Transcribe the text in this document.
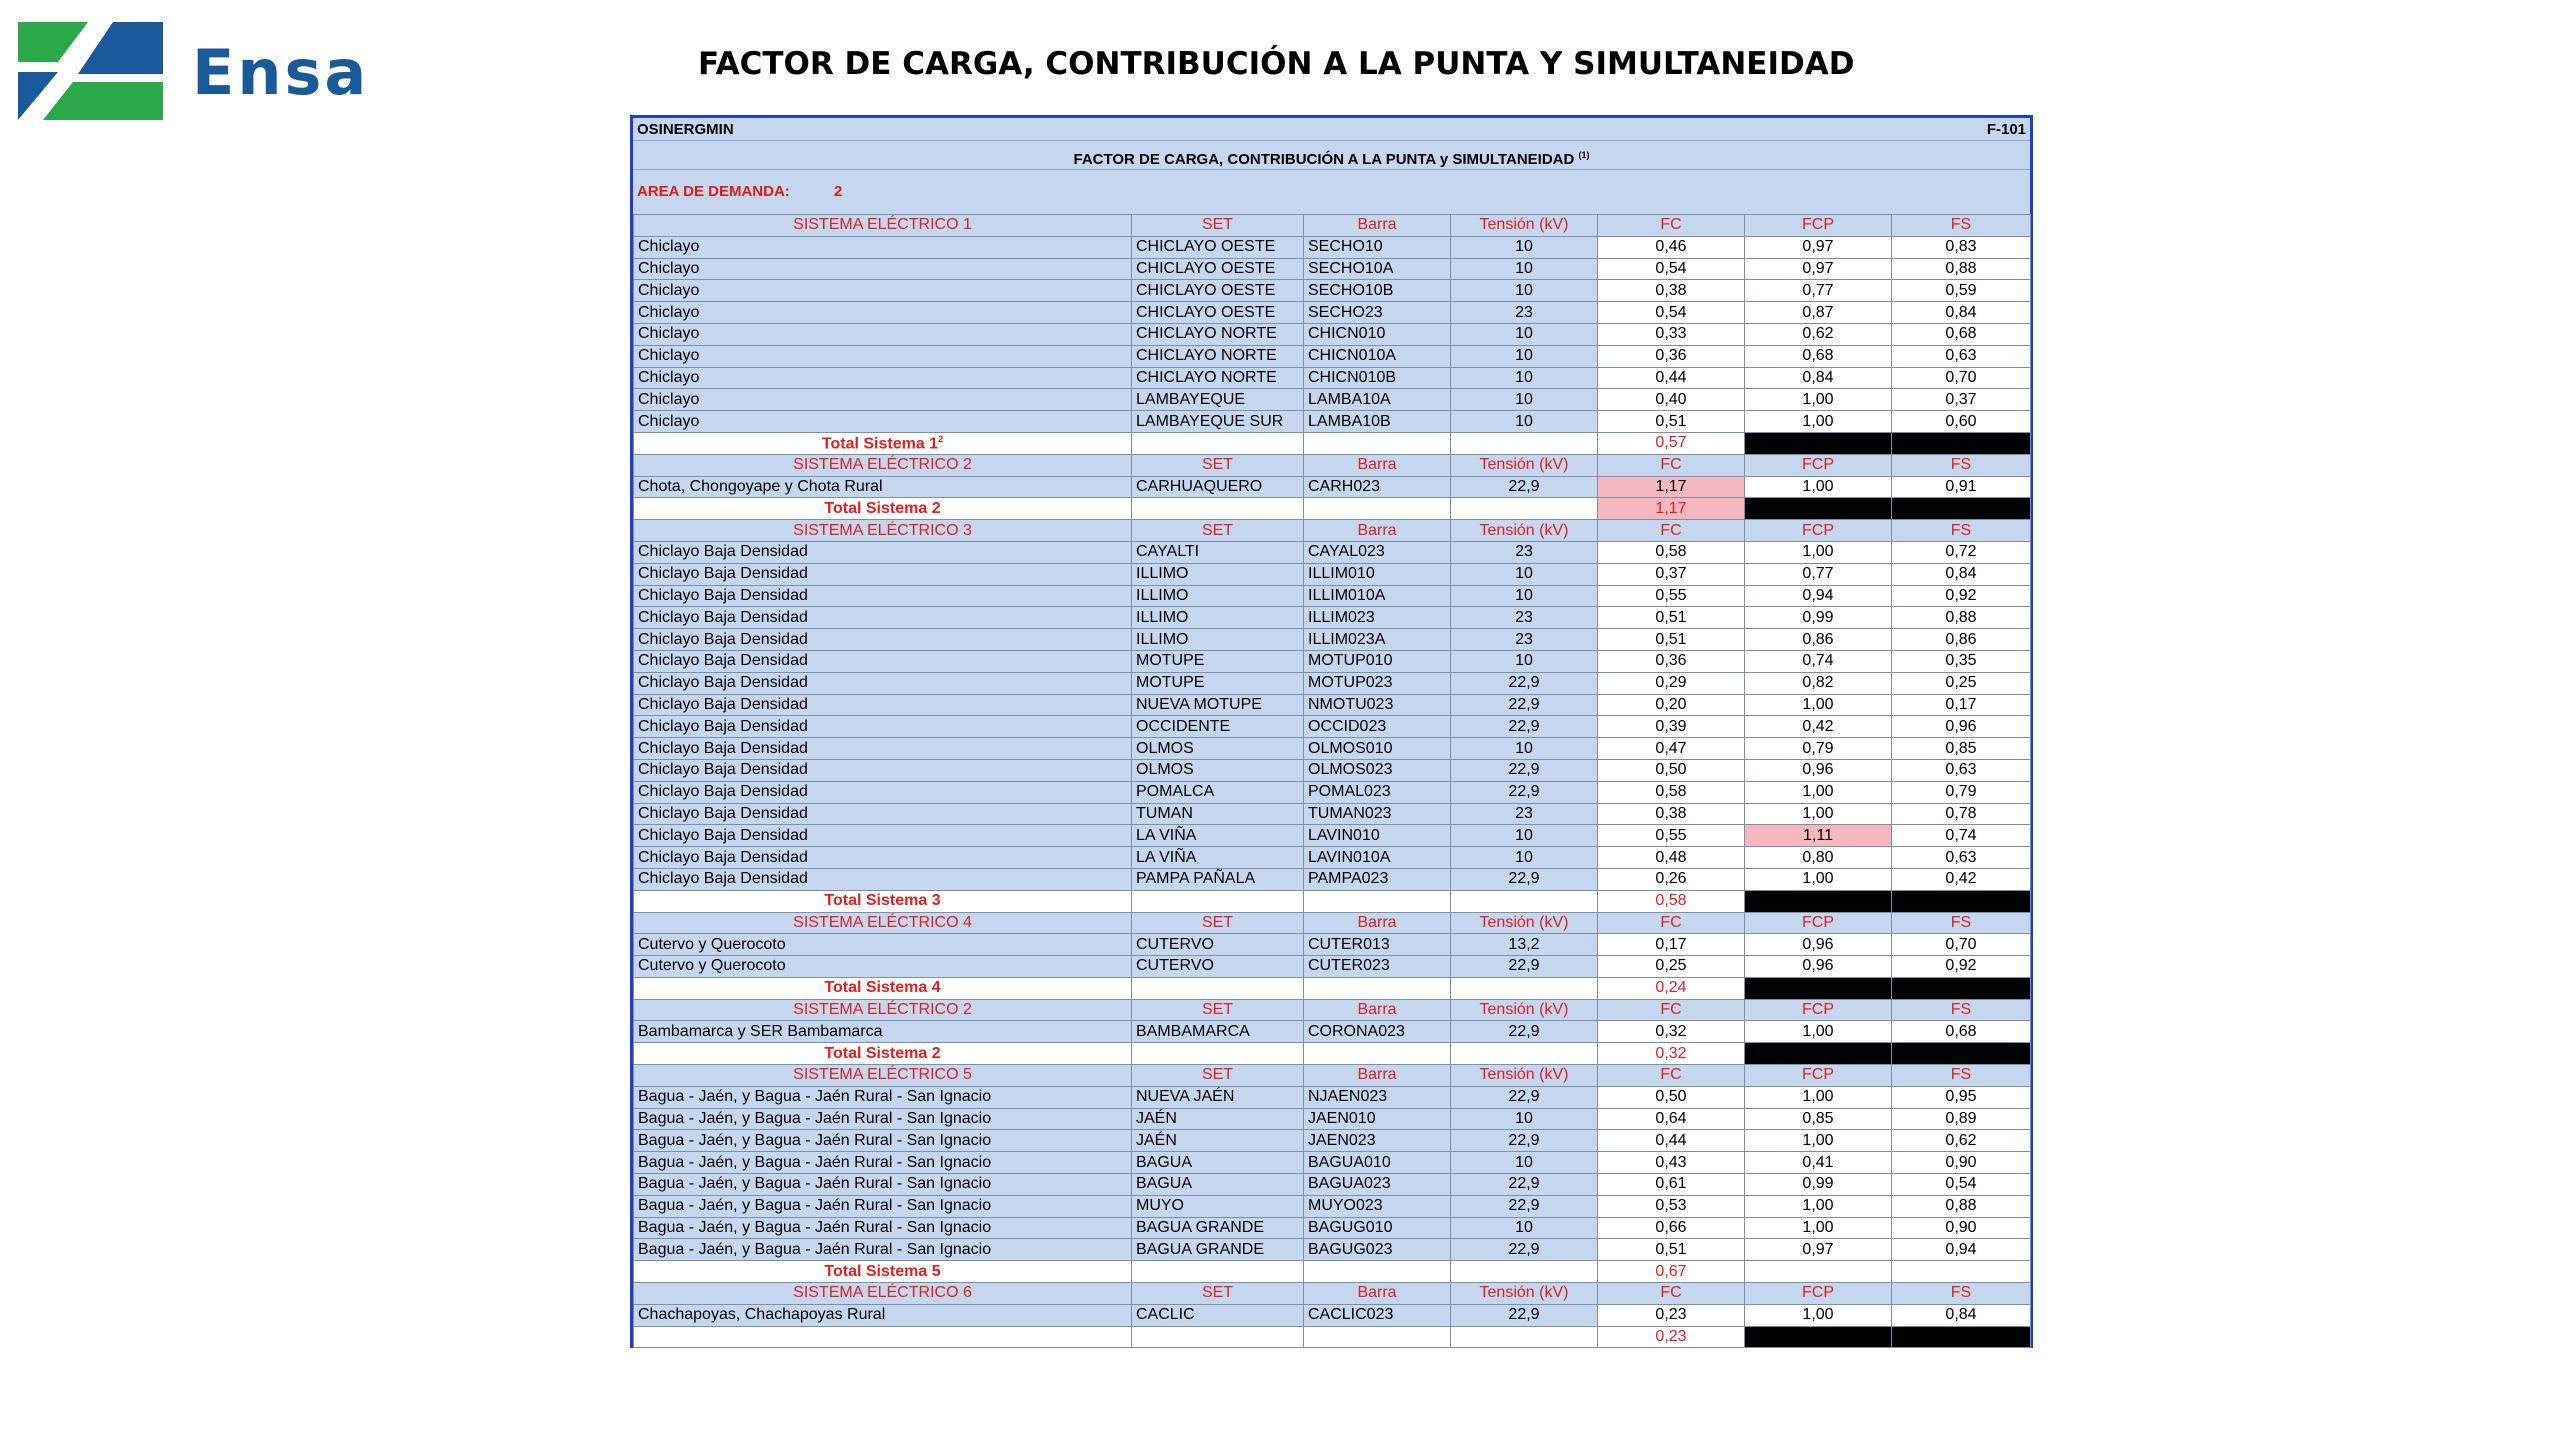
Ensa	FACTOR DE CARGA, CONTRIBUCIÓN A LA PUNTA Y SIMULTANEIDAD
OSINERGMIN	F-101
FACTOR DE CARGA, CONTRIBUCIÓN A LA PUNTA y SIMULTANEIDAD $^{(1)}$
AREA DE DEMANDA:	2
SISTEMA ELÉCTRICO 1	SET	Barra	Tensión (kV)	FC	FCP	FS
Chiclayo	CHICLAYO OESTE	SECHO10	10	0,46	0,97	0,83
Chiclayo	CHICLAYO OESTE	SECHO10A	10	0,54	0,97	0,88
Chiclayo	CHICLAYO OESTE	SECHO10B	10	0,38	0,77	0,59
Chiclayo	CHICLAYO OESTE	SECHO23	23	0,54	0,87	0,84
Chiclayo	CHICLAYO NORTE	CHICN010	10	0,33	0,62	0,68
Chiclayo	CHICLAYO NORTE	CHICN010A	10	0,36	0,68	0,63
Chiclayo	CHICLAYO NORTE	CHICN010B	10	0,44	0,84	0,70
Chiclayo	LAMBAYEQUE	LAMBA10A	10	0,40	1,00	0,37
Chiclayo	LAMBAYEQUE SUR	LAMBA10B	10	0,51	1,00	0,60
Total Sistema $1^2$				0,57		
SISTEMA ELÉCTRICO 2	SET	Barra	Tensión (kV)	FC	FCP	FS
Chota, Chongoyape y Chota Rural	CARHUAQUERO	CARH023	22,9	1,17	1,00	0,91
Total Sistema 2				1,17		
SISTEMA ELÉCTRICO 3	SET	Barra	Tensión (kV)	FC	FCP	FS
Chiclayo Baja Densidad	CAYALTI	CAYAL023	23	0,58	1,00	0,72
Chiclayo Baja Densidad	ILLIMO	ILLIM010	10	0,37	0,77	0,84
Chiclayo Baja Densidad	ILLIMO	ILLIM010A	10	0,55	0,94	0,92
Chiclayo Baja Densidad	ILLIMO	ILLIM023	23	0,51	0,99	0,88
Chiclayo Baja Densidad	ILLIMO	ILLIM023A	23	0,51	0,86	0,86
Chiclayo Baja Densidad	MOTUPE	MOTUP010	10	0,36	0,74	0,35
Chiclayo Baja Densidad	MOTUPE	MOTUP023	22,9	0,29	0,82	0,25
Chiclayo Baja Densidad	NUEVA MOTUPE	NMOTU023	22,9	0,20	1,00	0,17
Chiclayo Baja Densidad	OCCIDENTE	OCCID023	22,9	0,39	0,42	0,96
Chiclayo Baja Densidad	OLMOS	OLMOS010	10	0,47	0,79	0,85
Chiclayo Baja Densidad	OLMOS	OLMOS023	22,9	0,50	0,96	0,63
Chiclayo Baja Densidad	POMALCA	POMAL023	22,9	0,58	1,00	0,79
Chiclayo Baja Densidad	TUMAN	TUMAN023	23	0,38	1,00	0,78
Chiclayo Baja Densidad	LA VIÑA	LAVIN010	10	0,55	1,11	0,74
Chiclayo Baja Densidad	LA VIÑA	LAVIN010A	10	0,48	0,80	0,63
Chiclayo Baja Densidad	PAMPA PAÑALA	PAMPA023	22,9	0,26	1,00	0,42
Total Sistema 3				0,58		
SISTEMA ELÉCTRICO 4	SET	Barra	Tensión (kV)	FC	FCP	FS
Cutervo y Querocoto	CUTERVO	CUTER013	13,2	0,17	0,96	0,70
Cutervo y Querocoto	CUTERVO	CUTER023	22,9	0,25	0,96	0,92
Total Sistema 4				0,24		
SISTEMA ELÉCTRICO 2	SET	Barra	Tensión (kV)	FC	FCP	FS
Bambamarca y SER Bambamarca	BAMBAMARCA	CORONA023	22,9	0,32	1,00	0,68
Total Sistema 2				0,32		
SISTEMA ELÉCTRICO 5	SET	Barra	Tensión (kV)	FC	FCP	FS
Bagua - Jaén, y Bagua - Jaén Rural - San Ignacio	NUEVA JAÉN	NJAEN023	22,9	0,50	1,00	0,95
Bagua - Jaén, y Bagua - Jaén Rural - San Ignacio	JAÉN	JAEN010	10	0,64	0,85	0,89
Bagua - Jaén, y Bagua - Jaén Rural - San Ignacio	JAÉN	JAEN023	22,9	0,44	1,00	0,62
Bagua - Jaén, y Bagua - Jaén Rural - San Ignacio	BAGUA	BAGUA010	10	0,43	0,41	0,90
Bagua - Jaén, y Bagua - Jaén Rural - San Ignacio	BAGUA	BAGUA023	22,9	0,61	0,99	0,54
Bagua - Jaén, y Bagua - Jaén Rural - San Ignacio	MUYO	MUYO023	22,9	0,53	1,00	0,88
Bagua - Jaén, y Bagua - Jaén Rural - San Ignacio	BAGUA GRANDE	BAGUG010	10	0,66	1,00	0,90
Bagua - Jaén, y Bagua - Jaén Rural - San Ignacio	BAGUA GRANDE	BAGUG023	22,9	0,51	0,97	0,94
Total Sistema 5				0,67		
SISTEMA ELÉCTRICO 6	SET	Barra	Tensión (kV)	FC	FCP	FS
Chachapoyas, Chachapoyas Rural	CACLIC	CACLIC023	22,9	0,23	1,00	0,84
				0,23		
